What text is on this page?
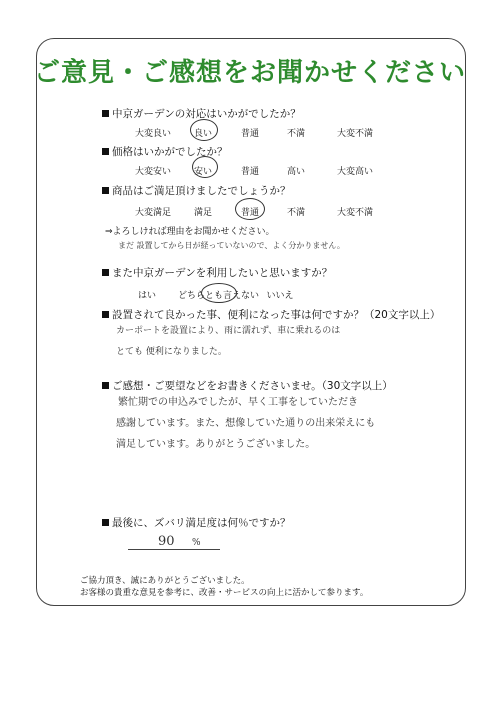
ご意見・ご感想をお聞かせください
中京ガーデンの対応はいかがでしたか？
大変良い	良い	普通	不満	大変不満
価格はいかがでしたか？
大変安い	安い	普通	高い	大変高い
商品はご満足頂けましたでしょうか？
大変満足	満足	普通	不満	大変不満
⇒よろしければ理由をお聞かせください。
まだ 設置してから日が経っていないので、よく分かりません。
また中京ガーデンを利用したいと思いますか？
はい	どちらとも言えない いいえ
設置されて良かった事、便利になった事は何ですか？（20文字以上）
カーポートを設置により、雨に濡れず、車に乗れるのは
とても 便利になりました。
ご感想・ご要望などをお書きくださいませ。（30文字以上）
繁忙期での申込みでしたが、早く工事をしていただき
感謝しています。また、想像していた通りの出来栄えにも
満足しています。ありがとうございました。
最後に、ズバリ満足度は何％ですか？
90 %
ご協力頂き、誠にありがとうございました。
お客様の貴重な意見を参考に、改善・サービスの向上に活かして参ります。
